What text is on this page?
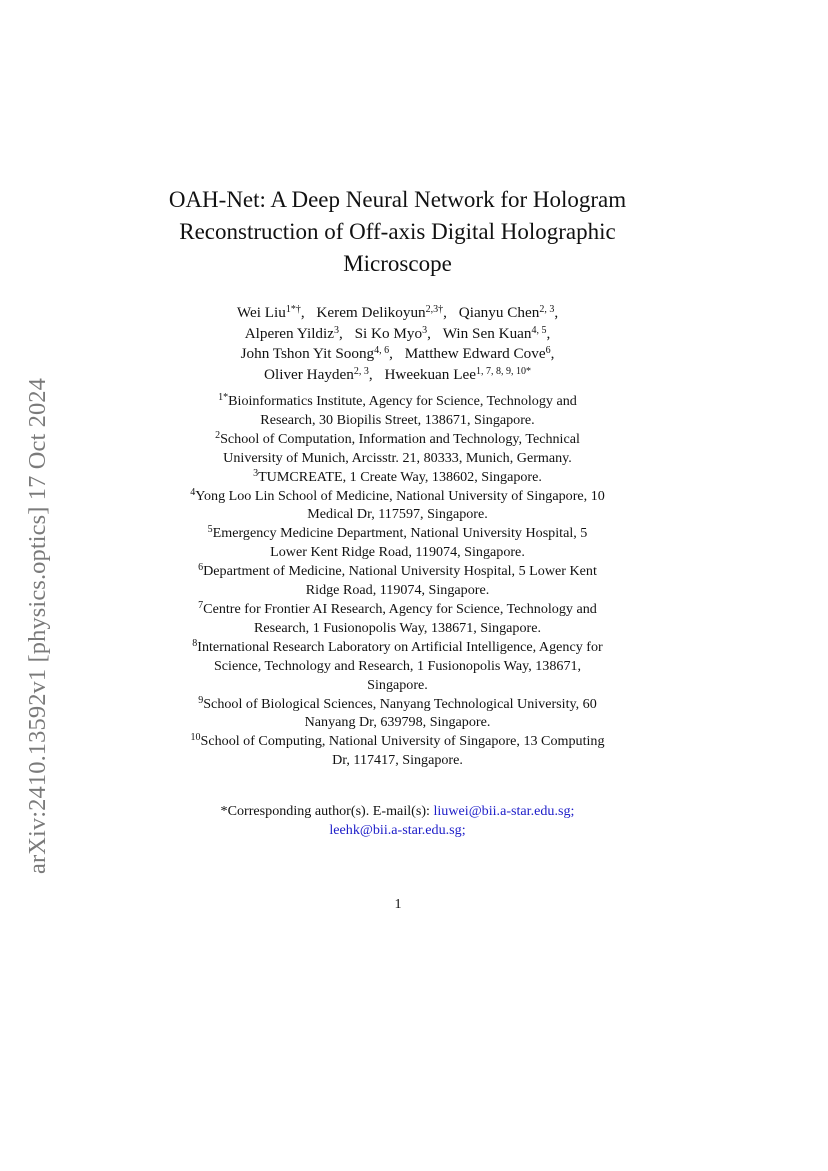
arXiv:2410.13592v1 [physics.optics] 17 Oct 2024
OAH-Net: A Deep Neural Network for Hologram
Reconstruction of Off-axis Digital Holographic
Microscope
Wei Liu$^{1*\dagger}$, Kerem Delikoyun$^{2,3\dagger}$, Qianyu Chen$^{2, 3}$,
Alperen Yildiz$^3$, Si Ko Myo$^3$, Win Sen Kuan$^{4, 5}$,
John Tshon Yit Soong$^{4, 6}$, Matthew Edward Cove$^6$,
Oliver Hayden$^{2, 3}$, Hweekuan Lee$^{1, 7, 8, 9, 10*}$
$^{1*}$Bioinformatics Institute, Agency for Science, Technology and
Research, 30 Biopilis Street, 138671, Singapore.
$^2$School of Computation, Information and Technology, Technical
University of Munich, Arcisstr. 21, 80333, Munich, Germany.
$^3$TUMCREATE, 1 Create Way, 138602, Singapore.
$^4$Yong Loo Lin School of Medicine, National University of Singapore, 10
Medical Dr, 117597, Singapore.
$^5$Emergency Medicine Department, National University Hospital, 5
Lower Kent Ridge Road, 119074, Singapore.
$^6$Department of Medicine, National University Hospital, 5 Lower Kent
Ridge Road, 119074, Singapore.
$^7$Centre for Frontier AI Research, Agency for Science, Technology and
Research, 1 Fusionopolis Way, 138671, Singapore.
$^8$International Research Laboratory on Artificial Intelligence, Agency for
Science, Technology and Research, 1 Fusionopolis Way, 138671,
Singapore.
$^9$School of Biological Sciences, Nanyang Technological University, 60
Nanyang Dr, 639798, Singapore.
$^{10}$School of Computing, National University of Singapore, 13 Computing
Dr, 117417, Singapore.
*Corresponding author(s). E-mail(s): liuwei@bii.a-star.edu.sg;
leehk@bii.a-star.edu.sg;
1
